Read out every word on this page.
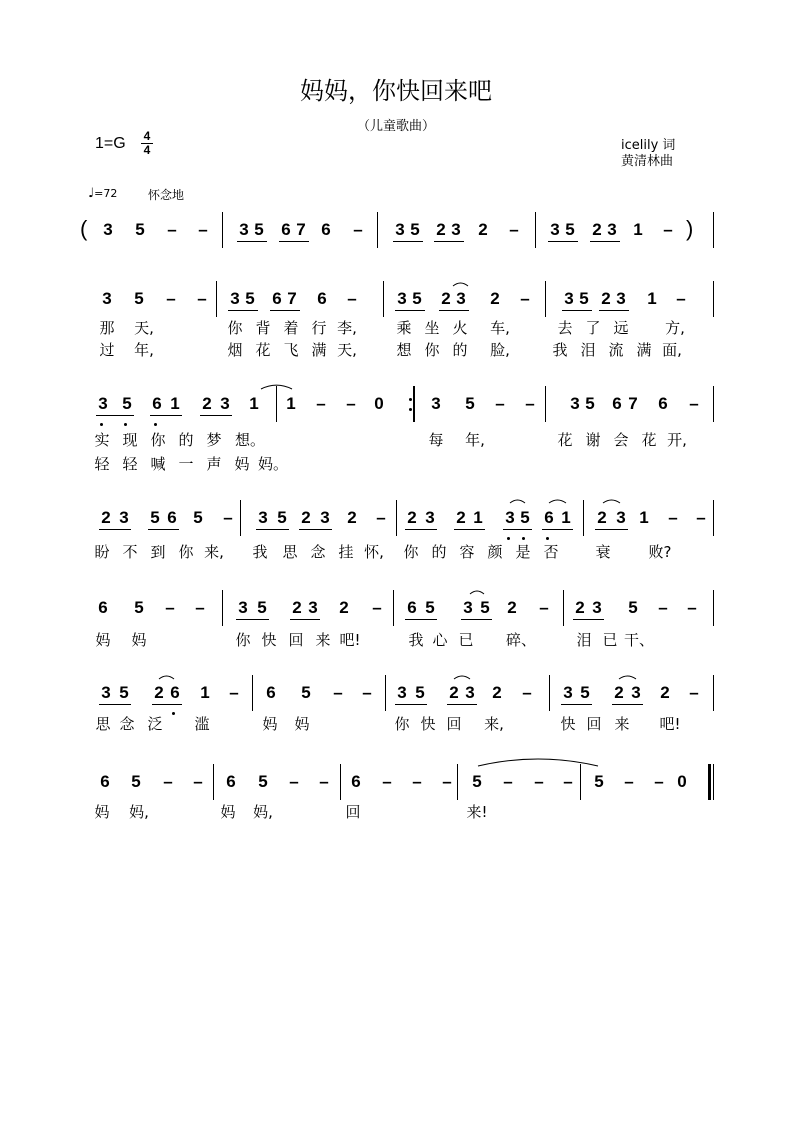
妈妈，你快回来吧
（儿童歌曲）
1=G	4
4	icelily 词
黄清林曲
♩=72	怀念地
3	5	–	–	3 5	6 7 6	–	3 5 2 3	2	–	3 5	2 3 1	–
(	)
3	5	–	–	3 5	6 7	6	–	3 5	2 3	2	–	3 5 2 3	1	–
那	天,	你 背 着 行 李,	乘 坐 火	车,	去 了 远	方,
过	年,	烟 花 飞 满 天,	想 你 的	脸,	我 泪 流 满 面,
3 5	6 1	2 3	1	1	–	–	0	3	5	–	–	3 5	6 7	6	–
实 现 你 的 梦 想。	每	年,	花 谢 会 花 开,
轻 轻 喊 一 声 妈 妈。
2 3	5 6 5	–	3 5 2 3	2	–	2 3	2 1	3 5 6 1	2 3 1	–	–
盼 不 到 你 来, 我 思 念 挂 怀, 你 的 容 颜 是 否	衰	败?
6	5	–	–	3 5	2 3	2	–	6 5	3 5	2	–	2 3	5	–	–
妈	妈	你 快 回 来 吧!	我 心 已	碎、	泪 已 干、
3 5	2 6	1	–	6	5	–	–	3 5	2 3	2	–	3 5	2 3	2	–
思 念 泛	滥	妈	妈	你 快 回	来,	快 回 来	吧!
6	5	–	–	6	5	–	–	6	–	–	–	5	–	–	–	5	–	– 0
妈	妈,	妈	妈,	回	来!
